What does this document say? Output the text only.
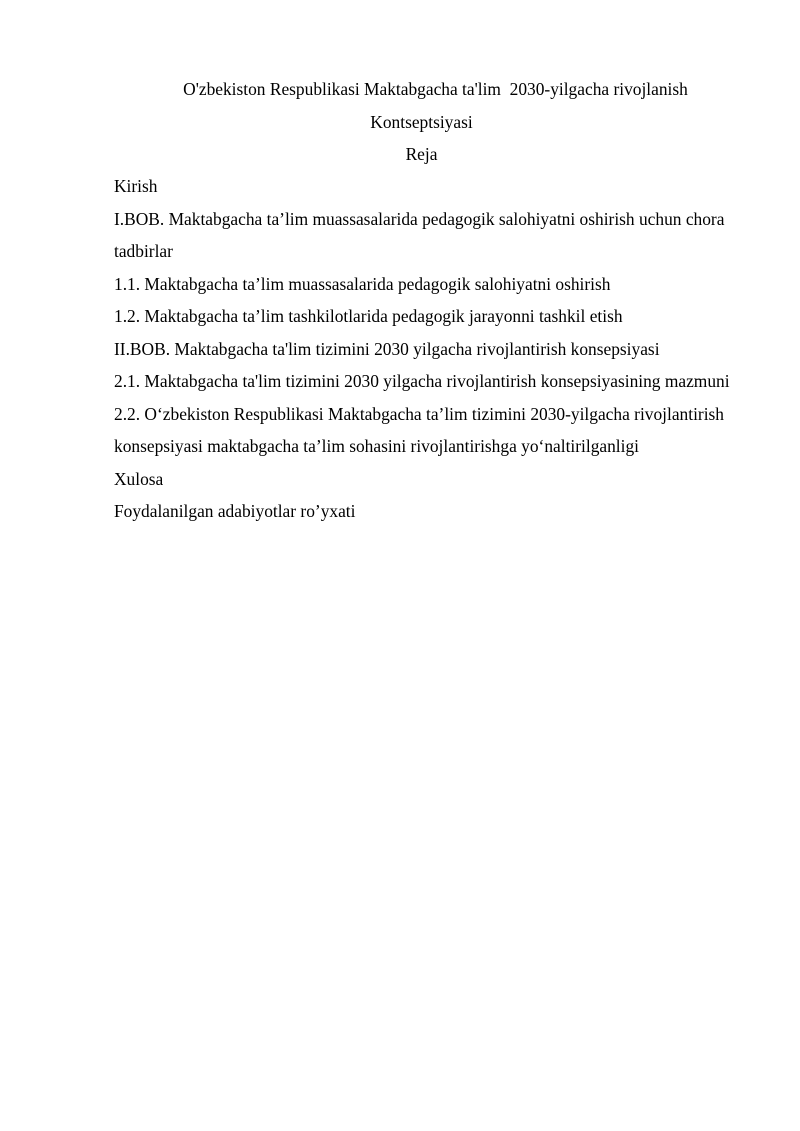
O'zbekiston Respublikasi Maktabgacha ta'lim  2030-yilgacha rivojlanish
Kontseptsiyasi
Reja
Kirish
I.BOB. Maktabgacha ta’lim muassasalarida pedagogik salohiyatni oshirish uchun chora tadbirlar
1.1. Maktabgacha ta’lim muassasalarida pedagogik salohiyatni oshirish
1.2. Maktabgacha ta’lim tashkilotlarida pedagogik jarayonni tashkil etish
II.BOB. Maktabgacha ta'lim tizimini 2030 yilgacha rivojlantirish konsepsiyasi
2.1. Maktabgacha ta'lim tizimini 2030 yilgacha rivojlantirish konsepsiyasining mazmuni
2.2. O‘zbekiston Respublikasi Maktabgacha ta’lim tizimini 2030-yilgacha rivojlantirish konsepsiyasi maktabgacha ta’lim sohasini rivojlantirishga yo‘naltirilganligi
Xulosa
Foydalanilgan adabiyotlar ro’yxati
